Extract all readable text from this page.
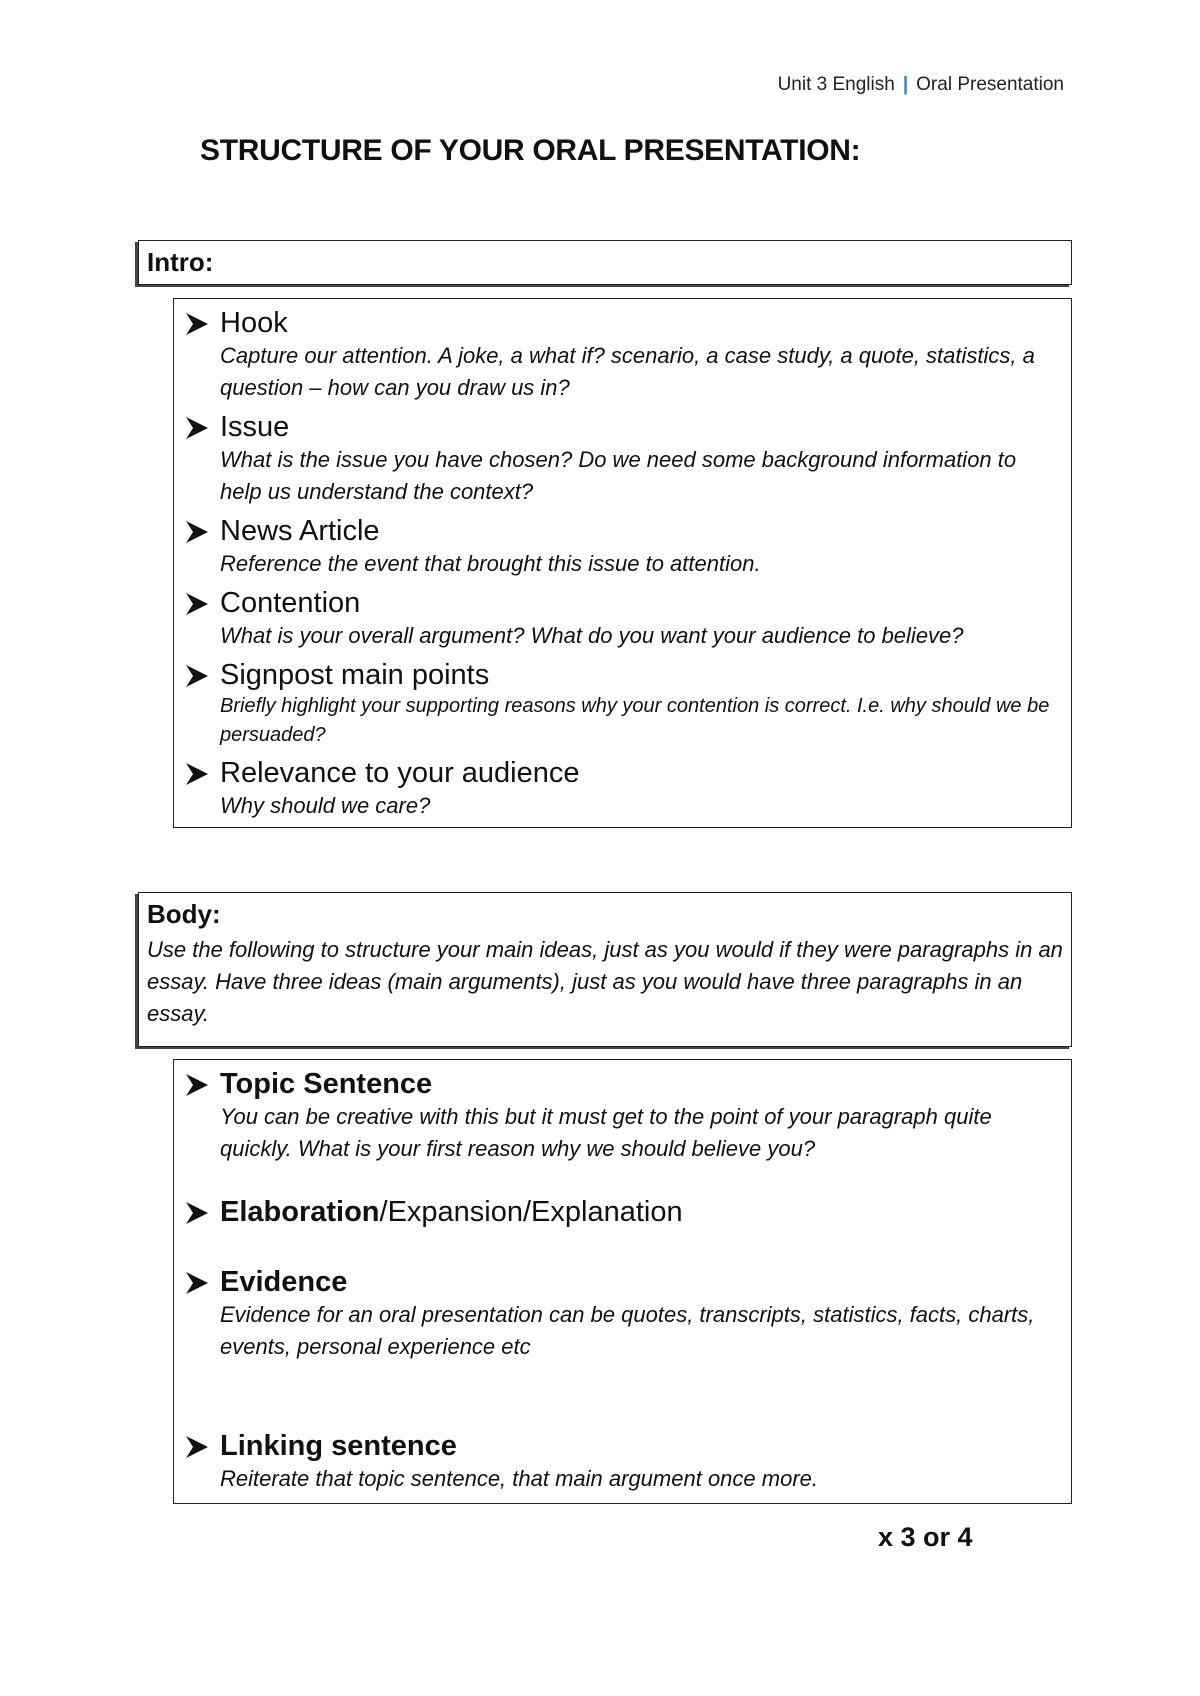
Unit 3 English | Oral Presentation
STRUCTURE OF YOUR ORAL PRESENTATION:
Intro:
Hook
Capture our attention. A joke, a what if? scenario, a case study, a quote, statistics, a question – how can you draw us in?
Issue
What is the issue you have chosen? Do we need some background information to help us understand the context?
News Article
Reference the event that brought this issue to attention.
Contention
What is your overall argument? What do you want your audience to believe?
Signpost main points
Briefly highlight your supporting reasons why your contention is correct. I.e. why should we be persuaded?
Relevance to your audience
Why should we care?
Body:
Use the following to structure your main ideas, just as you would if they were paragraphs in an essay. Have three ideas (main arguments), just as you would have three paragraphs in an essay.
Topic Sentence
You can be creative with this but it must get to the point of your paragraph quite quickly. What is your first reason why we should believe you?
Elaboration/Expansion/Explanation
Evidence
Evidence for an oral presentation can be quotes, transcripts, statistics, facts, charts, events, personal experience etc
Linking sentence
Reiterate that topic sentence, that main argument once more.
x 3 or 4
